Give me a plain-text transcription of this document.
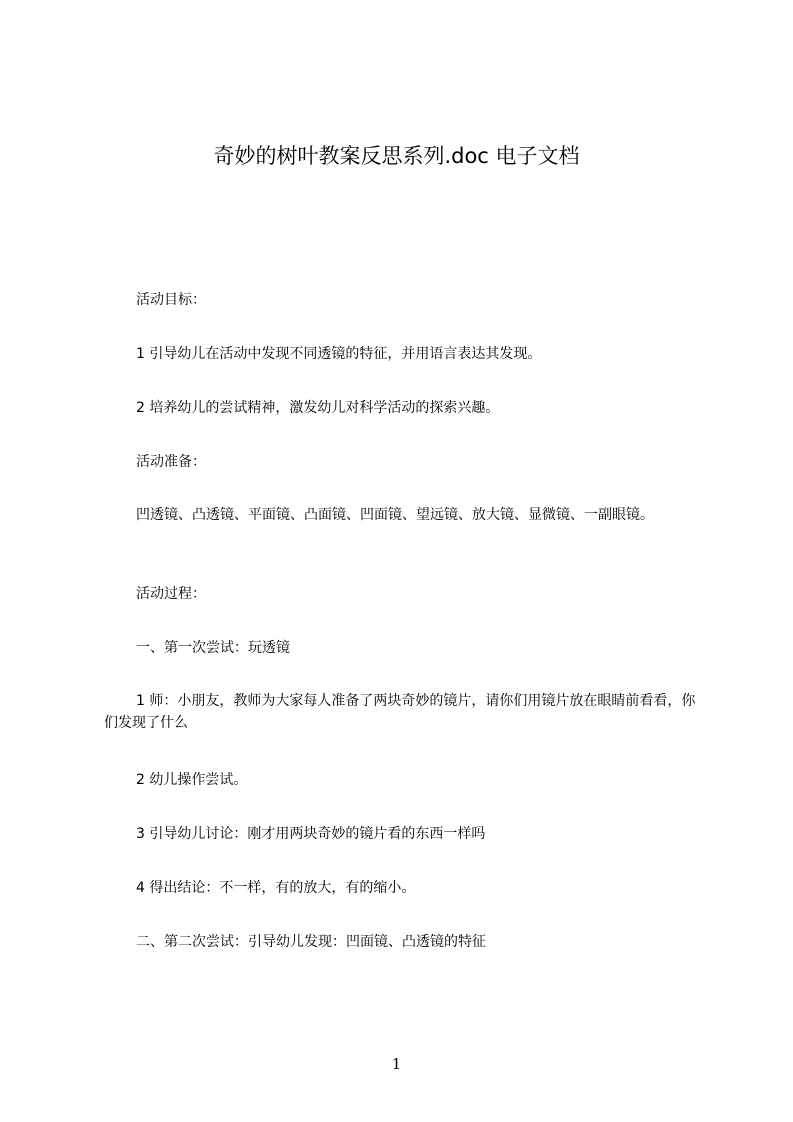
奇妙的树叶教案反思系列.doc 电子文档

活动目标：

1 引导幼儿在活动中发现不同透镜的特征，并用语言表达其发现。

2 培养幼儿的尝试精神，激发幼儿对科学活动的探索兴趣。

活动准备：

凹透镜、凸透镜、平面镜、凸面镜、凹面镜、望远镜、放大镜、显微镜、一副眼镜。

活动过程：

一、第一次尝试：玩透镜

1 师：小朋友，教师为大家每人准备了两块奇妙的镜片，请你们用镜片放在眼睛前看看，你们发现了什么

2 幼儿操作尝试。

3 引导幼儿讨论：刚才用两块奇妙的镜片看的东西一样吗

4 得出结论：不一样，有的放大，有的缩小。

二、第二次尝试：引导幼儿发现：凹面镜、凸透镜的特征

1
